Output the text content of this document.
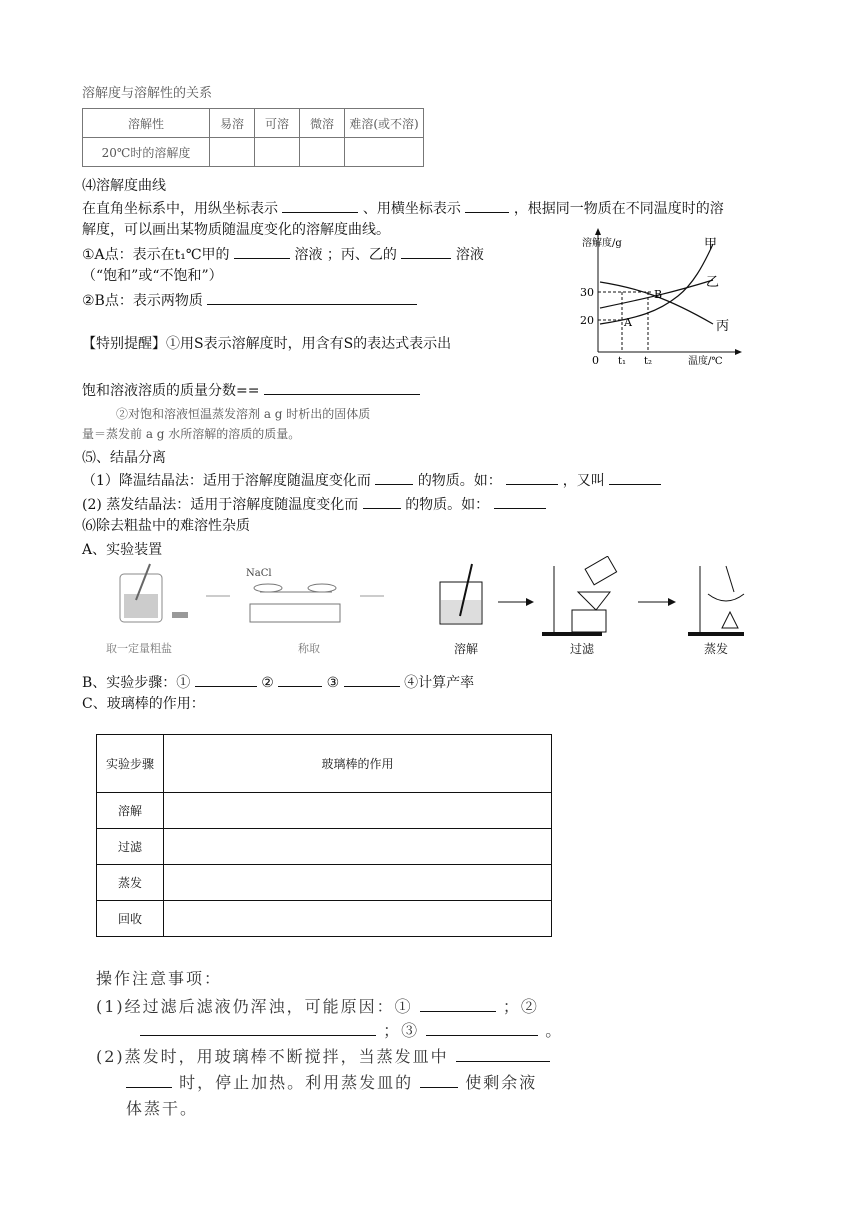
溶解度与溶解性的关系
溶解性	易溶	可溶	微溶	难溶(或不溶)
20℃时的溶解度				
⑷溶解度曲线
在直角坐标系中，用纵坐标表示	、用横坐标表示	，根据同一物质在不同温度时的溶
解度，可以画出某物质随温度变化的溶解度曲线。
①A点：表示在t₁℃甲的	溶液 ；丙、乙的	溶液
（“饱和”或“不饱和”）
②B点：表示两物质
【特别提醒】①用S表示溶解度时，用含有S的表达式表示出
饱和溶液溶质的质量分数==
②对饱和溶液恒温蒸发溶剂 a g 时析出的固体质
量＝蒸发前 a g 水所溶解的溶质的质量。
溶解度/g
30
20
0 t₁ t₂	温度/℃
甲
乙
丙
A
B
⑸、结晶分离
（1）降温结晶法：适用于溶解度随温度变化而	的物质。如：	，又叫
(2) 蒸发结晶法：适用于溶解度随温度变化而	的物质。如：
⑹除去粗盐中的难溶性杂质
A、实验装置
NaCl
取一定量粗盐	称取	溶解	过滤	蒸发
B、实验步骤：①	②	③	④计算产率
C、玻璃棒的作用：
实验步骤	玻璃棒的作用
溶解	
过滤	
蒸发	
回收	
操作注意事项：
(1)经过滤后滤液仍浑浊，可能原因：①	；②
；③	。
(2)蒸发时，用玻璃棒不断搅拌，当蒸发皿中
时，停止加热。利用蒸发皿的	使剩余液
体蒸干。
